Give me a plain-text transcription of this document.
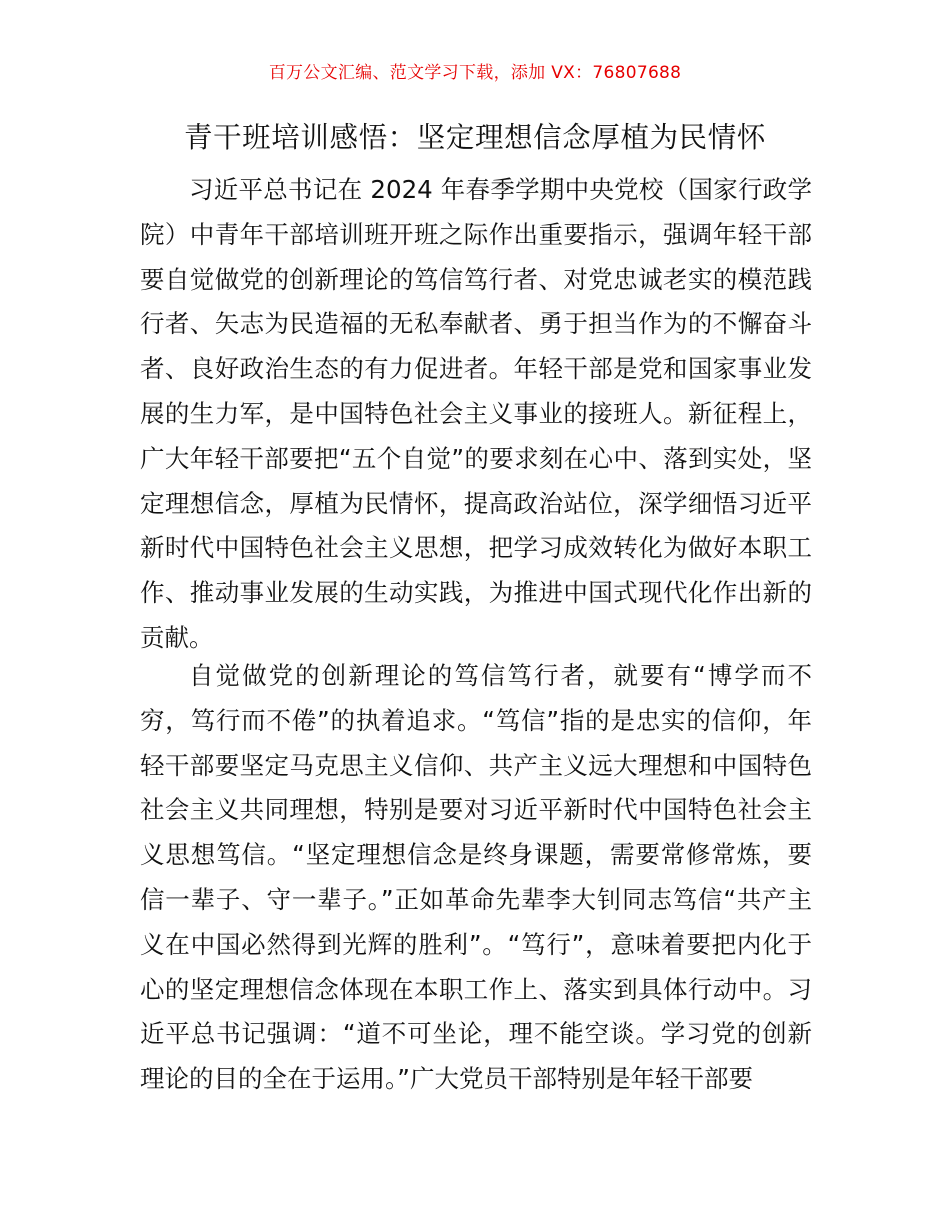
百万公文汇编、范文学习下载，添加 VX：76807688
青干班培训感悟：坚定理想信念厚植为民情怀

习近平总书记在 2024 年春季学期中央党校（国家行政学院）中青年干部培训班开班之际作出重要指示，强调年轻干部要自觉做党的创新理论的笃信笃行者、对党忠诚老实的模范践行者、矢志为民造福的无私奉献者、勇于担当作为的不懈奋斗者、良好政治生态的有力促进者。年轻干部是党和国家事业发展的生力军，是中国特色社会主义事业的接班人。新征程上，广大年轻干部要把“五个自觉”的要求刻在心中、落到实处，坚定理想信念，厚植为民情怀，提高政治站位，深学细悟习近平新时代中国特色社会主义思想，把学习成效转化为做好本职工作、推动事业发展的生动实践，为推进中国式现代化作出新的贡献。

自觉做党的创新理论的笃信笃行者，就要有“博学而不穷，笃行而不倦”的执着追求。“笃信”指的是忠实的信仰，年轻干部要坚定马克思主义信仰、共产主义远大理想和中国特色社会主义共同理想，特别是要对习近平新时代中国特色社会主义思想笃信。“坚定理想信念是终身课题，需要常修常炼，要信一辈子、守一辈子。”正如革命先辈李大钊同志笃信“共产主义在中国必然得到光辉的胜利”。“笃行”，意味着要把内化于心的坚定理想信念体现在本职工作上、落实到具体行动中。习近平总书记强调：“道不可坐论，理不能空谈。学习党的创新理论的目的全在于运用。”广大党员干部特别是年轻干部要
